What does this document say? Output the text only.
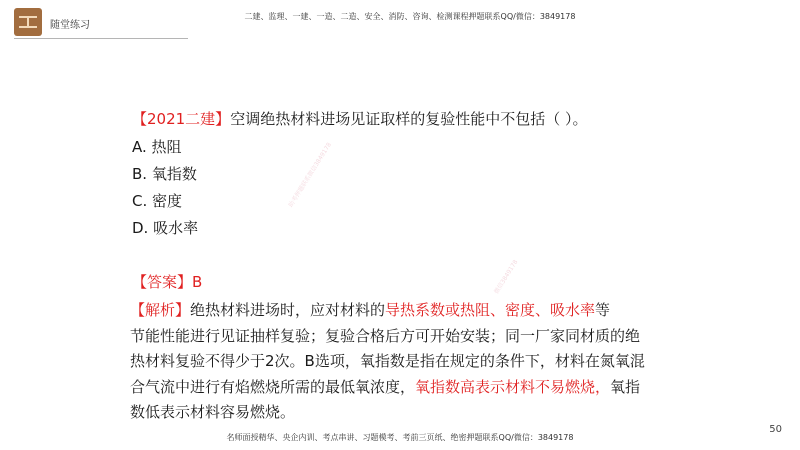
随堂练习
二建、监理、一建、一造、二造、安全、消防、咨询、检测课程押题联系QQ/微信：3849178
助考押题联系微信3849178
微信3849178
【2021二建】空调绝热材料进场见证取样的复验性能中不包括（ ）。
A. 热阻
B. 氧指数
C. 密度
D. 吸水率
【答案】B
【解析】绝热材料进场时，应对材料的导热系数或热阻、密度、吸水率等
节能性能进行见证抽样复验；复验合格后方可开始安装；同一厂家同材质的绝
热材料复验不得少于2次。B选项，氧指数是指在规定的条件下，材料在氮氧混
合气流中进行有焰燃烧所需的最低氧浓度，氧指数高表示材料不易燃烧，氧指
数低表示材料容易燃烧。
50
名师面授精华、央企内训、考点串讲、习题模考、考前三页纸、绝密押题联系QQ/微信：3849178
